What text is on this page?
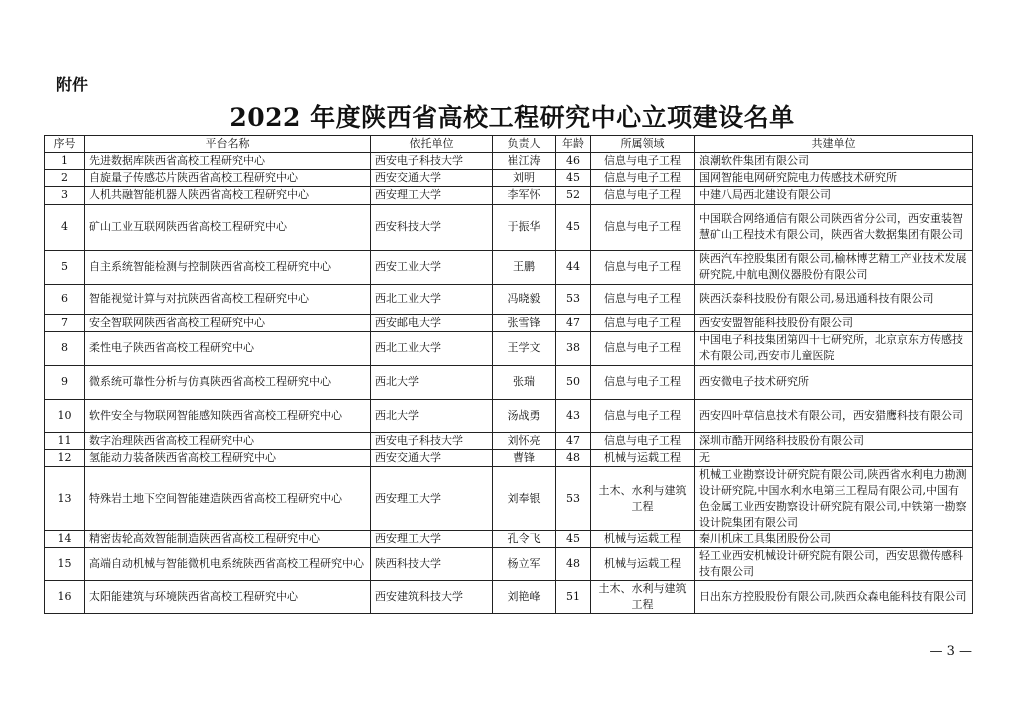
附件
2022 年度陕西省高校工程研究中心立项建设名单
序号	平台名称	依托单位	负责人	年龄	所属领域	共建单位
1	先进数据库陕西省高校工程研究中心	西安电子科技大学	崔江涛	46	信息与电子工程	浪潮软件集团有限公司
2	自旋量子传感芯片陕西省高校工程研究中心	西安交通大学	刘明	45	信息与电子工程	国网智能电网研究院电力传感技术研究所
3	人机共融智能机器人陕西省高校工程研究中心	西安理工大学	李军怀	52	信息与电子工程	中建八局西北建设有限公司
4	矿山工业互联网陕西省高校工程研究中心	西安科技大学	于振华	45	信息与电子工程	中国联合网络通信有限公司陕西省分公司，西安重装智慧矿山工程技术有限公司，陕西省大数据集团有限公司
5	自主系统智能检测与控制陕西省高校工程研究中心	西安工业大学	王鹏	44	信息与电子工程	陕西汽车控股集团有限公司,榆林博艺精工产业技术发展研究院,中航电测仪器股份有限公司
6	智能视觉计算与对抗陕西省高校工程研究中心	西北工业大学	冯晓毅	53	信息与电子工程	陕西沃泰科技股份有限公司,易迅通科技有限公司
7	安全智联网陕西省高校工程研究中心	西安邮电大学	张雪锋	47	信息与电子工程	西安安盟智能科技股份有限公司
8	柔性电子陕西省高校工程研究中心	西北工业大学	王学文	38	信息与电子工程	中国电子科技集团第四十七研究所，北京京东方传感技术有限公司,西安市儿童医院
9	微系统可靠性分析与仿真陕西省高校工程研究中心	西北大学	张瑞	50	信息与电子工程	西安微电子技术研究所
10	软件安全与物联网智能感知陕西省高校工程研究中心	西北大学	汤战勇	43	信息与电子工程	西安四叶草信息技术有限公司，西安猎鹰科技有限公司
11	数字治理陕西省高校工程研究中心	西安电子科技大学	刘怀亮	47	信息与电子工程	深圳市酷开网络科技股份有限公司
12	氢能动力装备陕西省高校工程研究中心	西安交通大学	曹锋	48	机械与运载工程	无
13	特殊岩土地下空间智能建造陕西省高校工程研究中心	西安理工大学	刘奉银	53	土木、水利与建筑工程	机械工业勘察设计研究院有限公司,陕西省水利电力勘测设计研究院,中国水利水电第三工程局有限公司,中国有色金属工业西安勘察设计研究院有限公司,中铁第一勘察设计院集团有限公司
14	精密齿轮高效智能制造陕西省高校工程研究中心	西安理工大学	孔令飞	45	机械与运载工程	秦川机床工具集团股份公司
15	高端自动机械与智能微机电系统陕西省高校工程研究中心	陕西科技大学	杨立军	48	机械与运载工程	轻工业西安机械设计研究院有限公司，西安思微传感科技有限公司
16	太阳能建筑与环境陕西省高校工程研究中心	西安建筑科技大学	刘艳峰	51	土木、水利与建筑工程	日出东方控股股份有限公司,陕西众森电能科技有限公司
— 3 —
